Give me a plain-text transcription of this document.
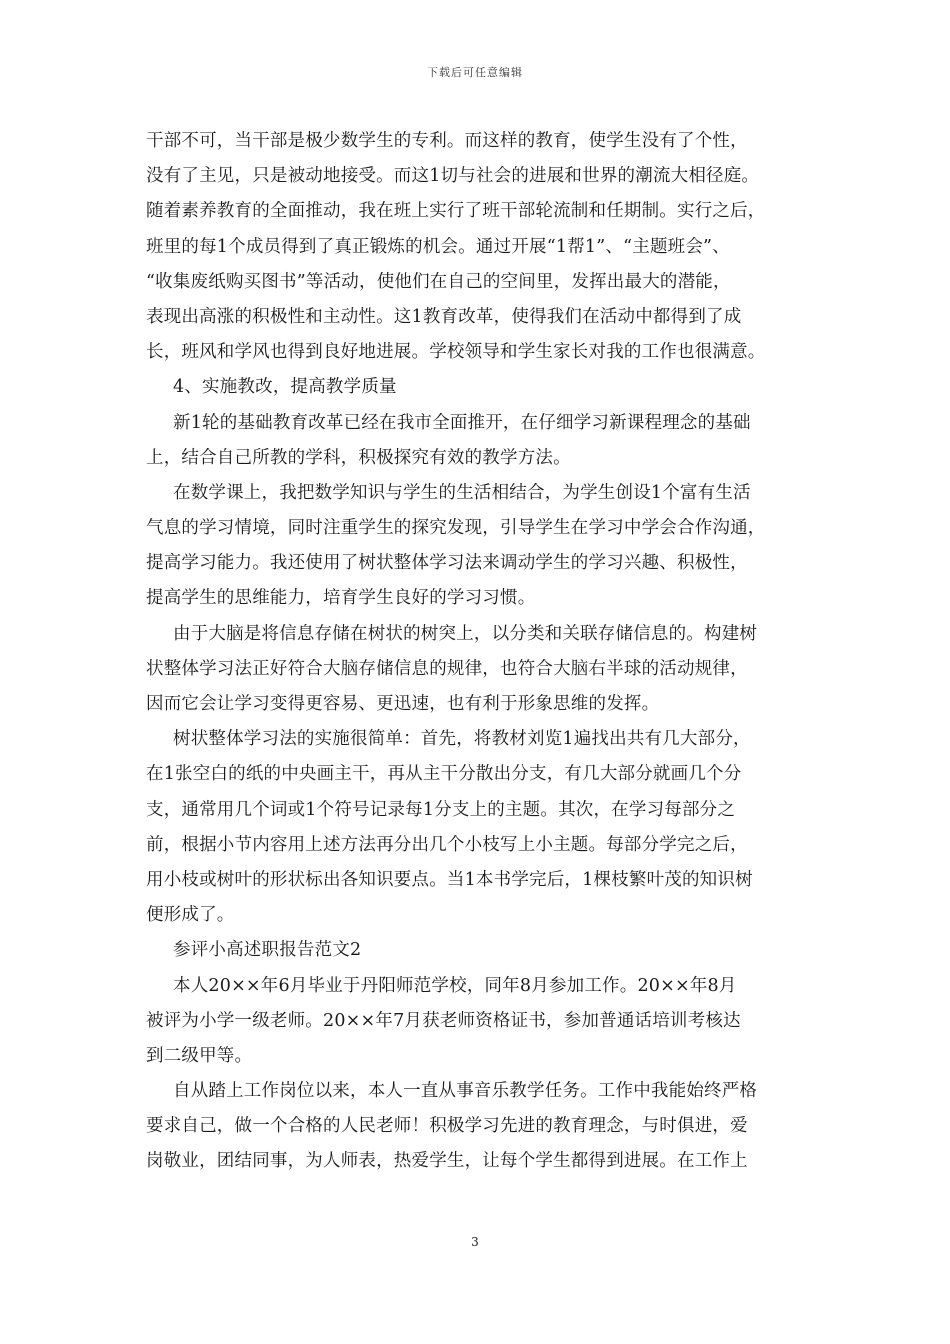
下载后可任意编辑
干部不可，当干部是极少数学生的专利。而这样的教育，使学生没有了个性，
没有了主见，只是被动地接受。而这1切与社会的进展和世界的潮流大相径庭。
随着素养教育的全面推动，我在班上实行了班干部轮流制和任期制。实行之后，
班里的每1个成员得到了真正锻炼的机会。通过开展“1帮1”、“主题班会”、
“收集废纸购买图书”等活动，使他们在自己的空间里，发挥出最大的潜能，
表现出高涨的积极性和主动性。这1教育改革，使得我们在活动中都得到了成
长，班风和学风也得到良好地进展。学校领导和学生家长对我的工作也很满意。
4、实施教改，提高教学质量
新1轮的基础教育改革已经在我市全面推开，在仔细学习新课程理念的基础
上，结合自己所教的学科，积极探究有效的教学方法。
在数学课上，我把数学知识与学生的生活相结合，为学生创设1个富有生活
气息的学习情境，同时注重学生的探究发现，引导学生在学习中学会合作沟通，
提高学习能力。我还使用了树状整体学习法来调动学生的学习兴趣、积极性，
提高学生的思维能力，培育学生良好的学习习惯。
由于大脑是将信息存储在树状的树突上，以分类和关联存储信息的。构建树
状整体学习法正好符合大脑存储信息的规律，也符合大脑右半球的活动规律，
因而它会让学习变得更容易、更迅速，也有利于形象思维的发挥。
树状整体学习法的实施很简单：首先，将教材刘览1遍找出共有几大部分，
在1张空白的纸的中央画主干，再从主干分散出分支，有几大部分就画几个分
支，通常用几个词或1个符号记录每1分支上的主题。其次，在学习每部分之
前，根据小节内容用上述方法再分出几个小枝写上小主题。每部分学完之后，
用小枝或树叶的形状标出各知识要点。当1本书学完后，1棵枝繁叶茂的知识树
便形成了。
参评小高述职报告范文2
本人20××年6月毕业于丹阳师范学校，同年8月参加工作。20××年8月
被评为小学一级老师。20××年7月获老师资格证书，参加普通话培训考核达
到二级甲等。
自从踏上工作岗位以来，本人一直从事音乐教学任务。工作中我能始终严格
要求自己，做一个合格的人民老师！积极学习先进的教育理念，与时俱进，爱
岗敬业，团结同事，为人师表，热爱学生，让每个学生都得到进展。在工作上
3
